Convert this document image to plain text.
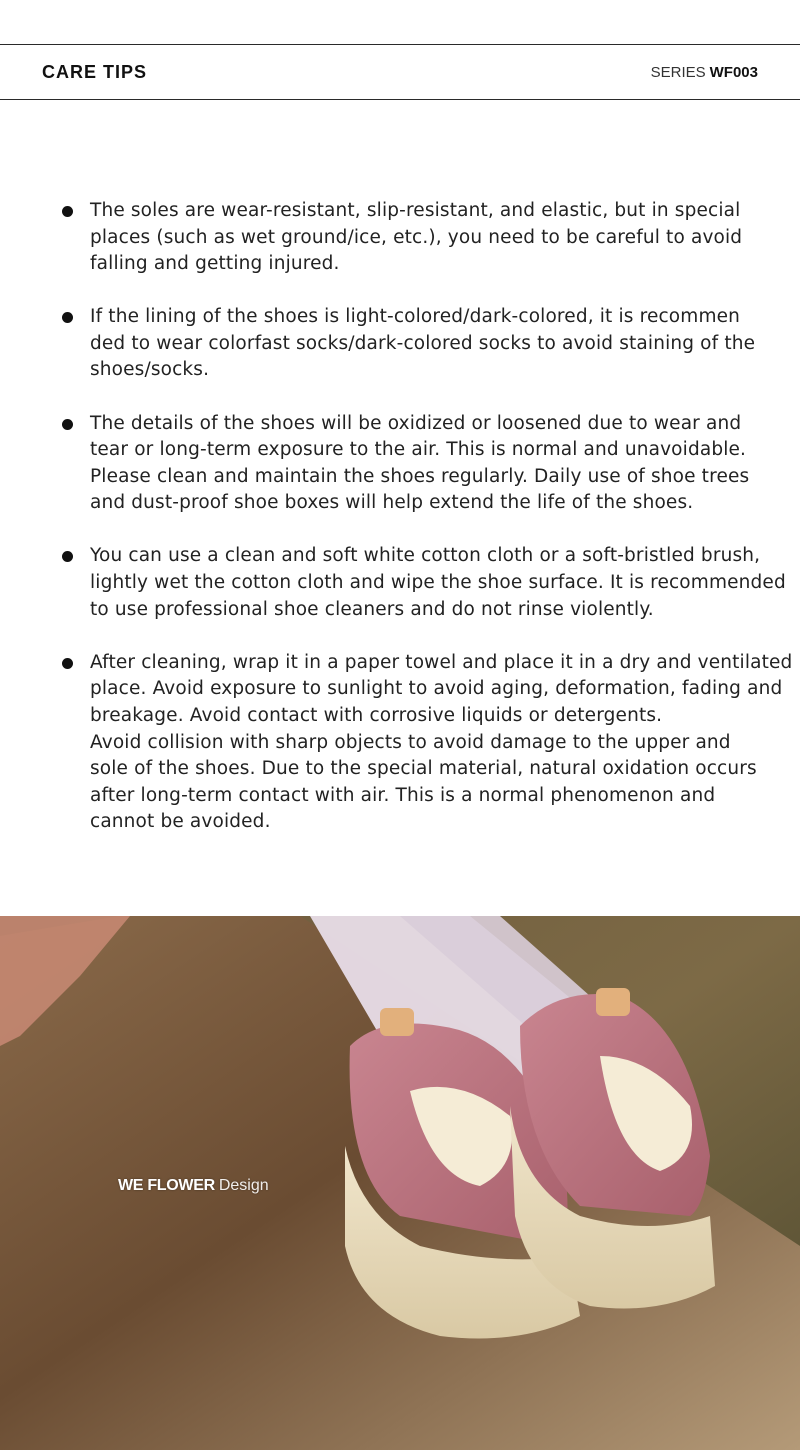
CARE TIPS	SERIES WF003
The soles are wear-resistant, slip-resistant, and elastic, but in special
places (such as wet ground/ice, etc.), you need to be careful to avoid
falling and getting injured.
If the lining of the shoes is light-colored/dark-colored, it is recommen
ded to wear colorfast socks/dark-colored socks to avoid staining of the
shoes/socks.
The details of the shoes will be oxidized or loosened due to wear and
tear or long-term exposure to the air. This is normal and unavoidable.
Please clean and maintain the shoes regularly. Daily use of shoe trees
and dust-proof shoe boxes will help extend the life of the shoes.
You can use a clean and soft white cotton cloth or a soft-bristled brush,
lightly wet the cotton cloth and wipe the shoe surface. It is recommended
to use professional shoe cleaners and do not rinse violently.
After cleaning, wrap it in a paper towel and place it in a dry and ventilated
place. Avoid exposure to sunlight to avoid aging, deformation, fading and
breakage. Avoid contact with corrosive liquids or detergents.
Avoid collision with sharp objects to avoid damage to the upper and
sole of the shoes. Due to the special material, natural oxidation occurs
after long-term contact with air. This is a normal phenomenon and
cannot be avoided.
WE FLOWER Design
